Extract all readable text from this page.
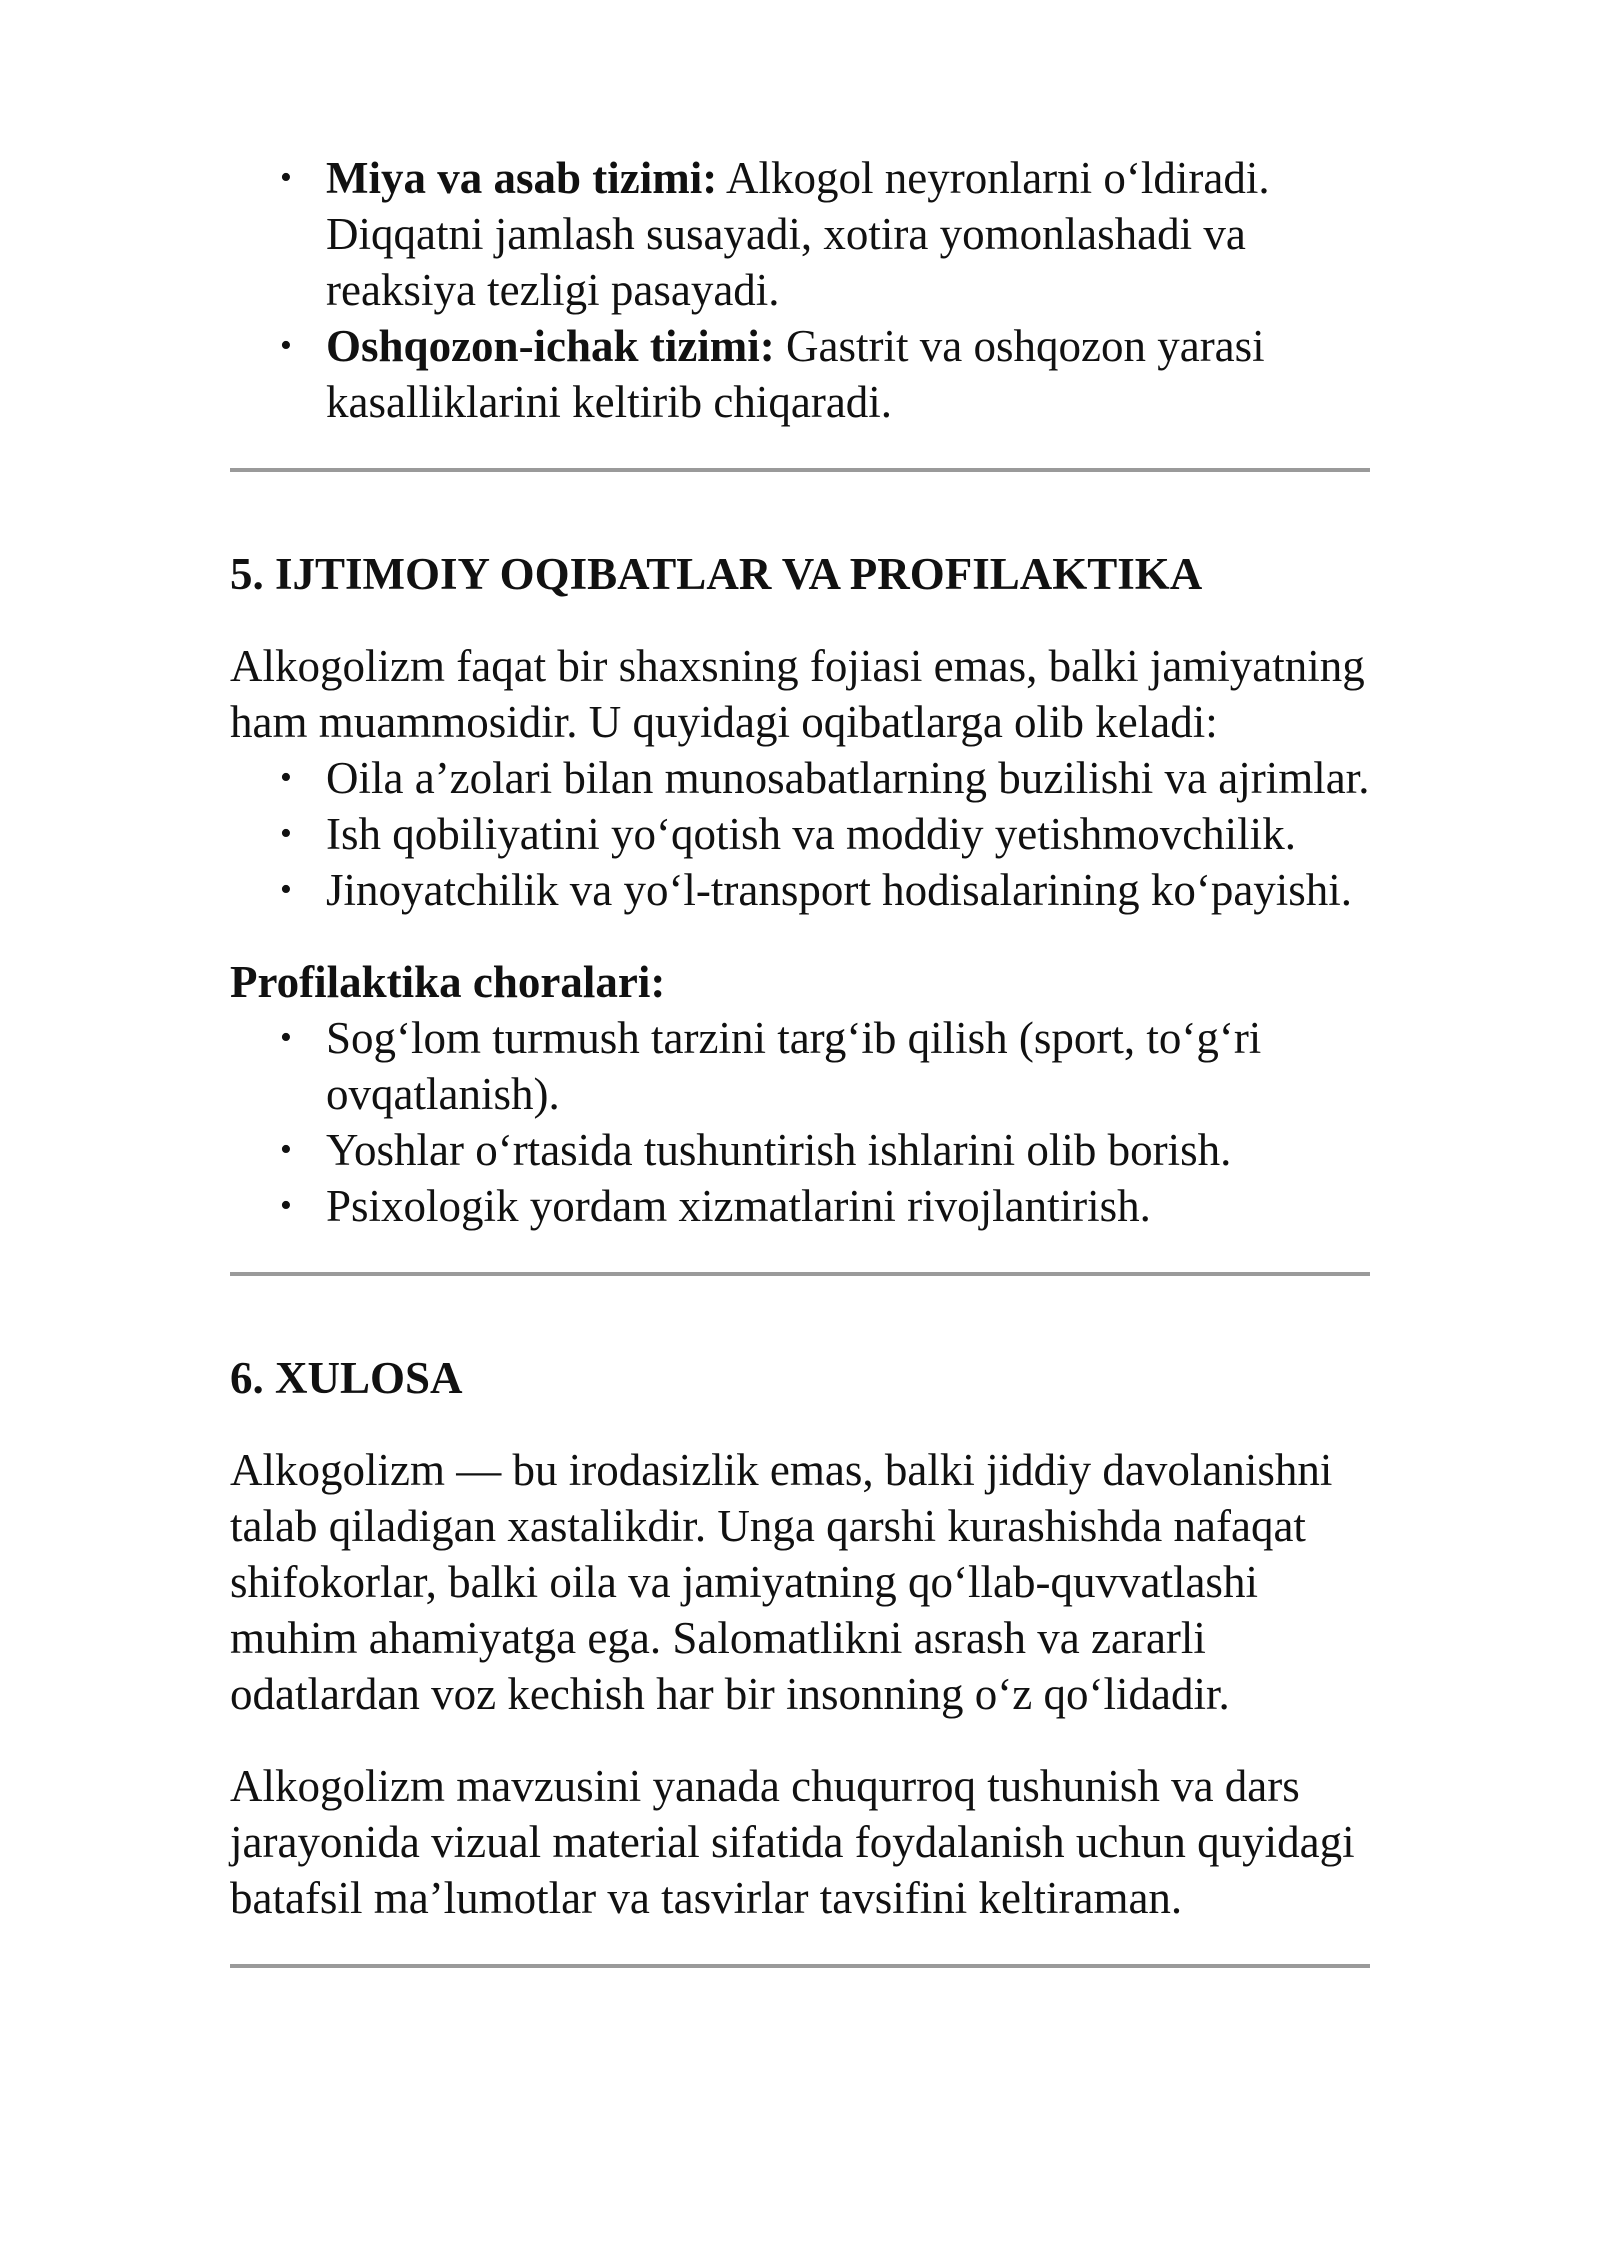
• Miya va asab tizimi: Alkogol neyronlarni o‘ldiradi. Diqqatni jamlash susayadi, xotira yomonlashadi va reaksiya tezligi pasayadi.
• Oshqozon-ichak tizimi: Gastrit va oshqozon yarasi kasalliklarini keltirib chiqaradi.
5. IJTIMOIY OQIBATLAR VA PROFILAKTIKA

Alkogolizm faqat bir shaxsning fojiasi emas, balki jamiyatning ham muammosidir. U quyidagi oqibatlarga olib keladi:

• Oila a’zolari bilan munosabatlarning buzilishi va ajrimlar.
• Ish qobiliyatini yo‘qotish va moddiy yetishmovchilik.
• Jinoyatchilik va yo‘l-transport hodisalarining ko‘payishi.
Profilaktika choralari:
• Sog‘lom turmush tarzini targ‘ib qilish (sport, to‘g‘ri ovqatlanish).
• Yoshlar o‘rtasida tushuntirish ishlarini olib borish.
• Psixologik yordam xizmatlarini rivojlantirish.
6. XULOSA

Alkogolizm — bu irodasizlik emas, balki jiddiy davolanishni talab qiladigan xastalikdir. Unga qarshi kurashishda nafaqat shifokorlar, balki oila va jamiyatning qo‘llab-quvvatlashi muhim ahamiyatga ega. Salomatlikni asrash va zararli odatlardan voz kechish har bir insonning o‘z qo‘lidadir.

Alkogolizm mavzusini yanada chuqurroq tushunish va dars jarayonida vizual material sifatida foydalanish uchun quyidagi batafsil ma’lumotlar va tasvirlar tavsifini keltiraman.
